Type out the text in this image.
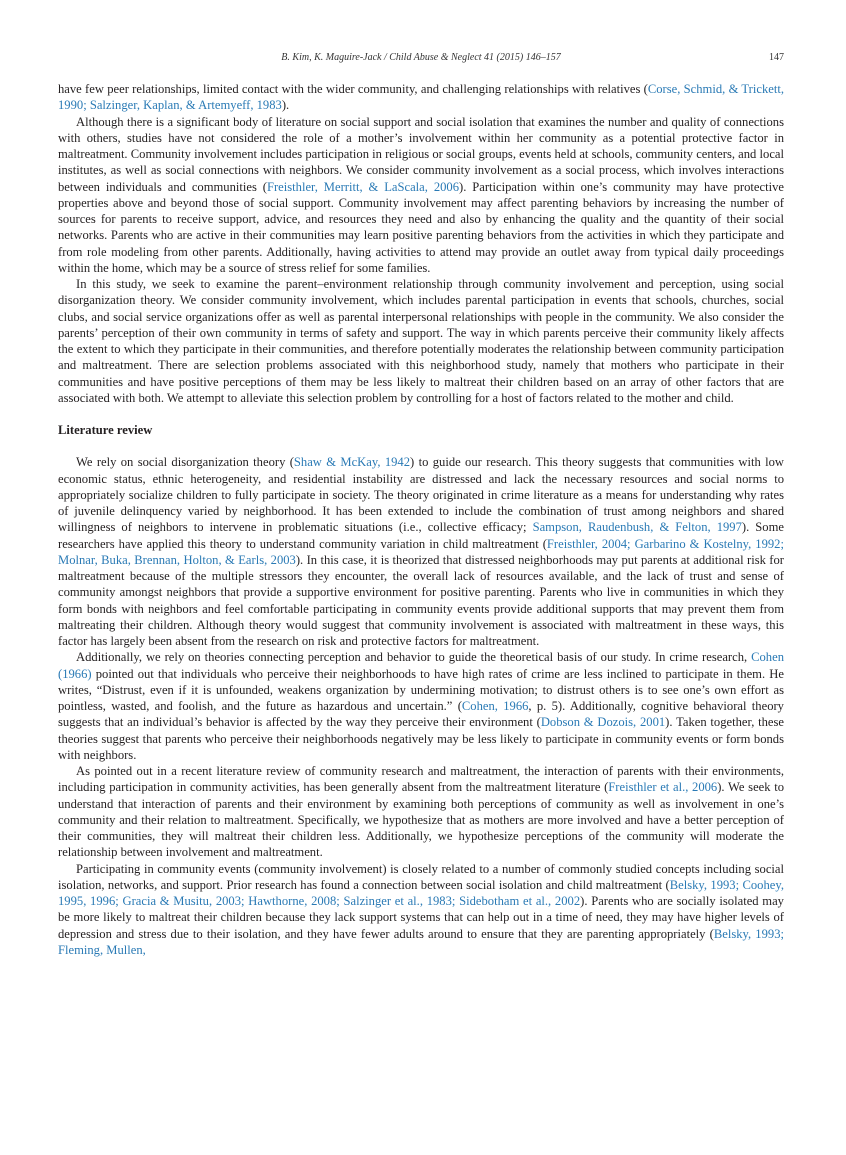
B. Kim, K. Maguire-Jack / Child Abuse & Neglect 41 (2015) 146–157	147

have few peer relationships, limited contact with the wider community, and challenging relationships with relatives (Corse, Schmid, & Trickett, 1990; Salzinger, Kaplan, & Artemyeff, 1983).

Although there is a significant body of literature on social support and social isolation that examines the number and quality of connections with others, studies have not considered the role of a mother’s involvement within her community as a potential protective factor in maltreatment. Community involvement includes participation in religious or social groups, events held at schools, community centers, and local institutes, as well as social connections with neighbors. We consider community involvement as a social process, which involves interactions between individuals and communities (Freisthler, Merritt, & LaScala, 2006). Participation within one’s community may have protective properties above and beyond those of social support. Community involvement may affect parenting behaviors by increasing the number of sources for parents to receive support, advice, and resources they need and also by enhancing the quality and the quantity of their social networks. Parents who are active in their communities may learn positive parenting behaviors from the activities in which they participate and from role modeling from other parents. Additionally, having activities to attend may provide an outlet away from typical daily proceedings within the home, which may be a source of stress relief for some families.

In this study, we seek to examine the parent–environment relationship through community involvement and perception, using social disorganization theory. We consider community involvement, which includes parental participation in events that schools, churches, social clubs, and social service organizations offer as well as parental interpersonal relationships with people in the community. We also consider the parents’ perception of their own community in terms of safety and support. The way in which parents perceive their community likely affects the extent to which they participate in their communities, and therefore potentially moderates the relationship between community participation and maltreatment. There are selection problems associated with this neighborhood study, namely that mothers who participate in their communities and have positive perceptions of them may be less likely to maltreat their children based on an array of other factors that are associated with both. We attempt to alleviate this selection problem by controlling for a host of factors related to the mother and child.

Literature review

We rely on social disorganization theory (Shaw & McKay, 1942) to guide our research. This theory suggests that communities with low economic status, ethnic heterogeneity, and residential instability are distressed and lack the necessary resources and social norms to appropriately socialize children to fully participate in society. The theory originated in crime literature as a means for understanding why rates of juvenile delinquency varied by neighborhood. It has been extended to include the combination of trust among neighbors and shared willingness of neighbors to intervene in problematic situations (i.e., collective efficacy; Sampson, Raudenbush, & Felton, 1997). Some researchers have applied this theory to understand community variation in child maltreatment (Freisthler, 2004; Garbarino & Kostelny, 1992; Molnar, Buka, Brennan, Holton, & Earls, 2003). In this case, it is theorized that distressed neighborhoods may put parents at additional risk for maltreatment because of the multiple stressors they encounter, the overall lack of resources available, and the lack of trust and sense of community amongst neighbors that provide a supportive environment for positive parenting. Parents who live in communities in which they form bonds with neighbors and feel comfortable participating in community events provide additional supports that may prevent them from maltreating their children. Although theory would suggest that community involvement is associated with maltreatment in these ways, this factor has largely been absent from the research on risk and protective factors for maltreatment.

Additionally, we rely on theories connecting perception and behavior to guide the theoretical basis of our study. In crime research, Cohen (1966) pointed out that individuals who perceive their neighborhoods to have high rates of crime are less inclined to participate in them. He writes, “Distrust, even if it is unfounded, weakens organization by undermining motivation; to distrust others is to see one’s own effort as pointless, wasted, and foolish, and the future as hazardous and uncertain.” (Cohen, 1966, p. 5). Additionally, cognitive behavioral theory suggests that an individual’s behavior is affected by the way they perceive their environment (Dobson & Dozois, 2001). Taken together, these theories suggest that parents who perceive their neighborhoods negatively may be less likely to participate in community events or form bonds with neighbors.

As pointed out in a recent literature review of community research and maltreatment, the interaction of parents with their environments, including participation in community activities, has been generally absent from the maltreatment literature (Freisthler et al., 2006). We seek to understand that interaction of parents and their environment by examining both perceptions of community as well as involvement in one’s community and their relation to maltreatment. Specifically, we hypothesize that as mothers are more involved and have a better perception of their communities, they will maltreat their children less. Additionally, we hypothesize perceptions of the community will moderate the relationship between involvement and maltreatment.

Participating in community events (community involvement) is closely related to a number of commonly studied concepts including social isolation, networks, and support. Prior research has found a connection between social isolation and child maltreatment (Belsky, 1993; Coohey, 1995, 1996; Gracia & Musitu, 2003; Hawthorne, 2008; Salzinger et al., 1983; Sidebotham et al., 2002). Parents who are socially isolated may be more likely to maltreat their children because they lack support systems that can help out in a time of need, they may have higher levels of depression and stress due to their isolation, and they have fewer adults around to ensure that they are parenting appropriately (Belsky, 1993; Fleming, Mullen,
